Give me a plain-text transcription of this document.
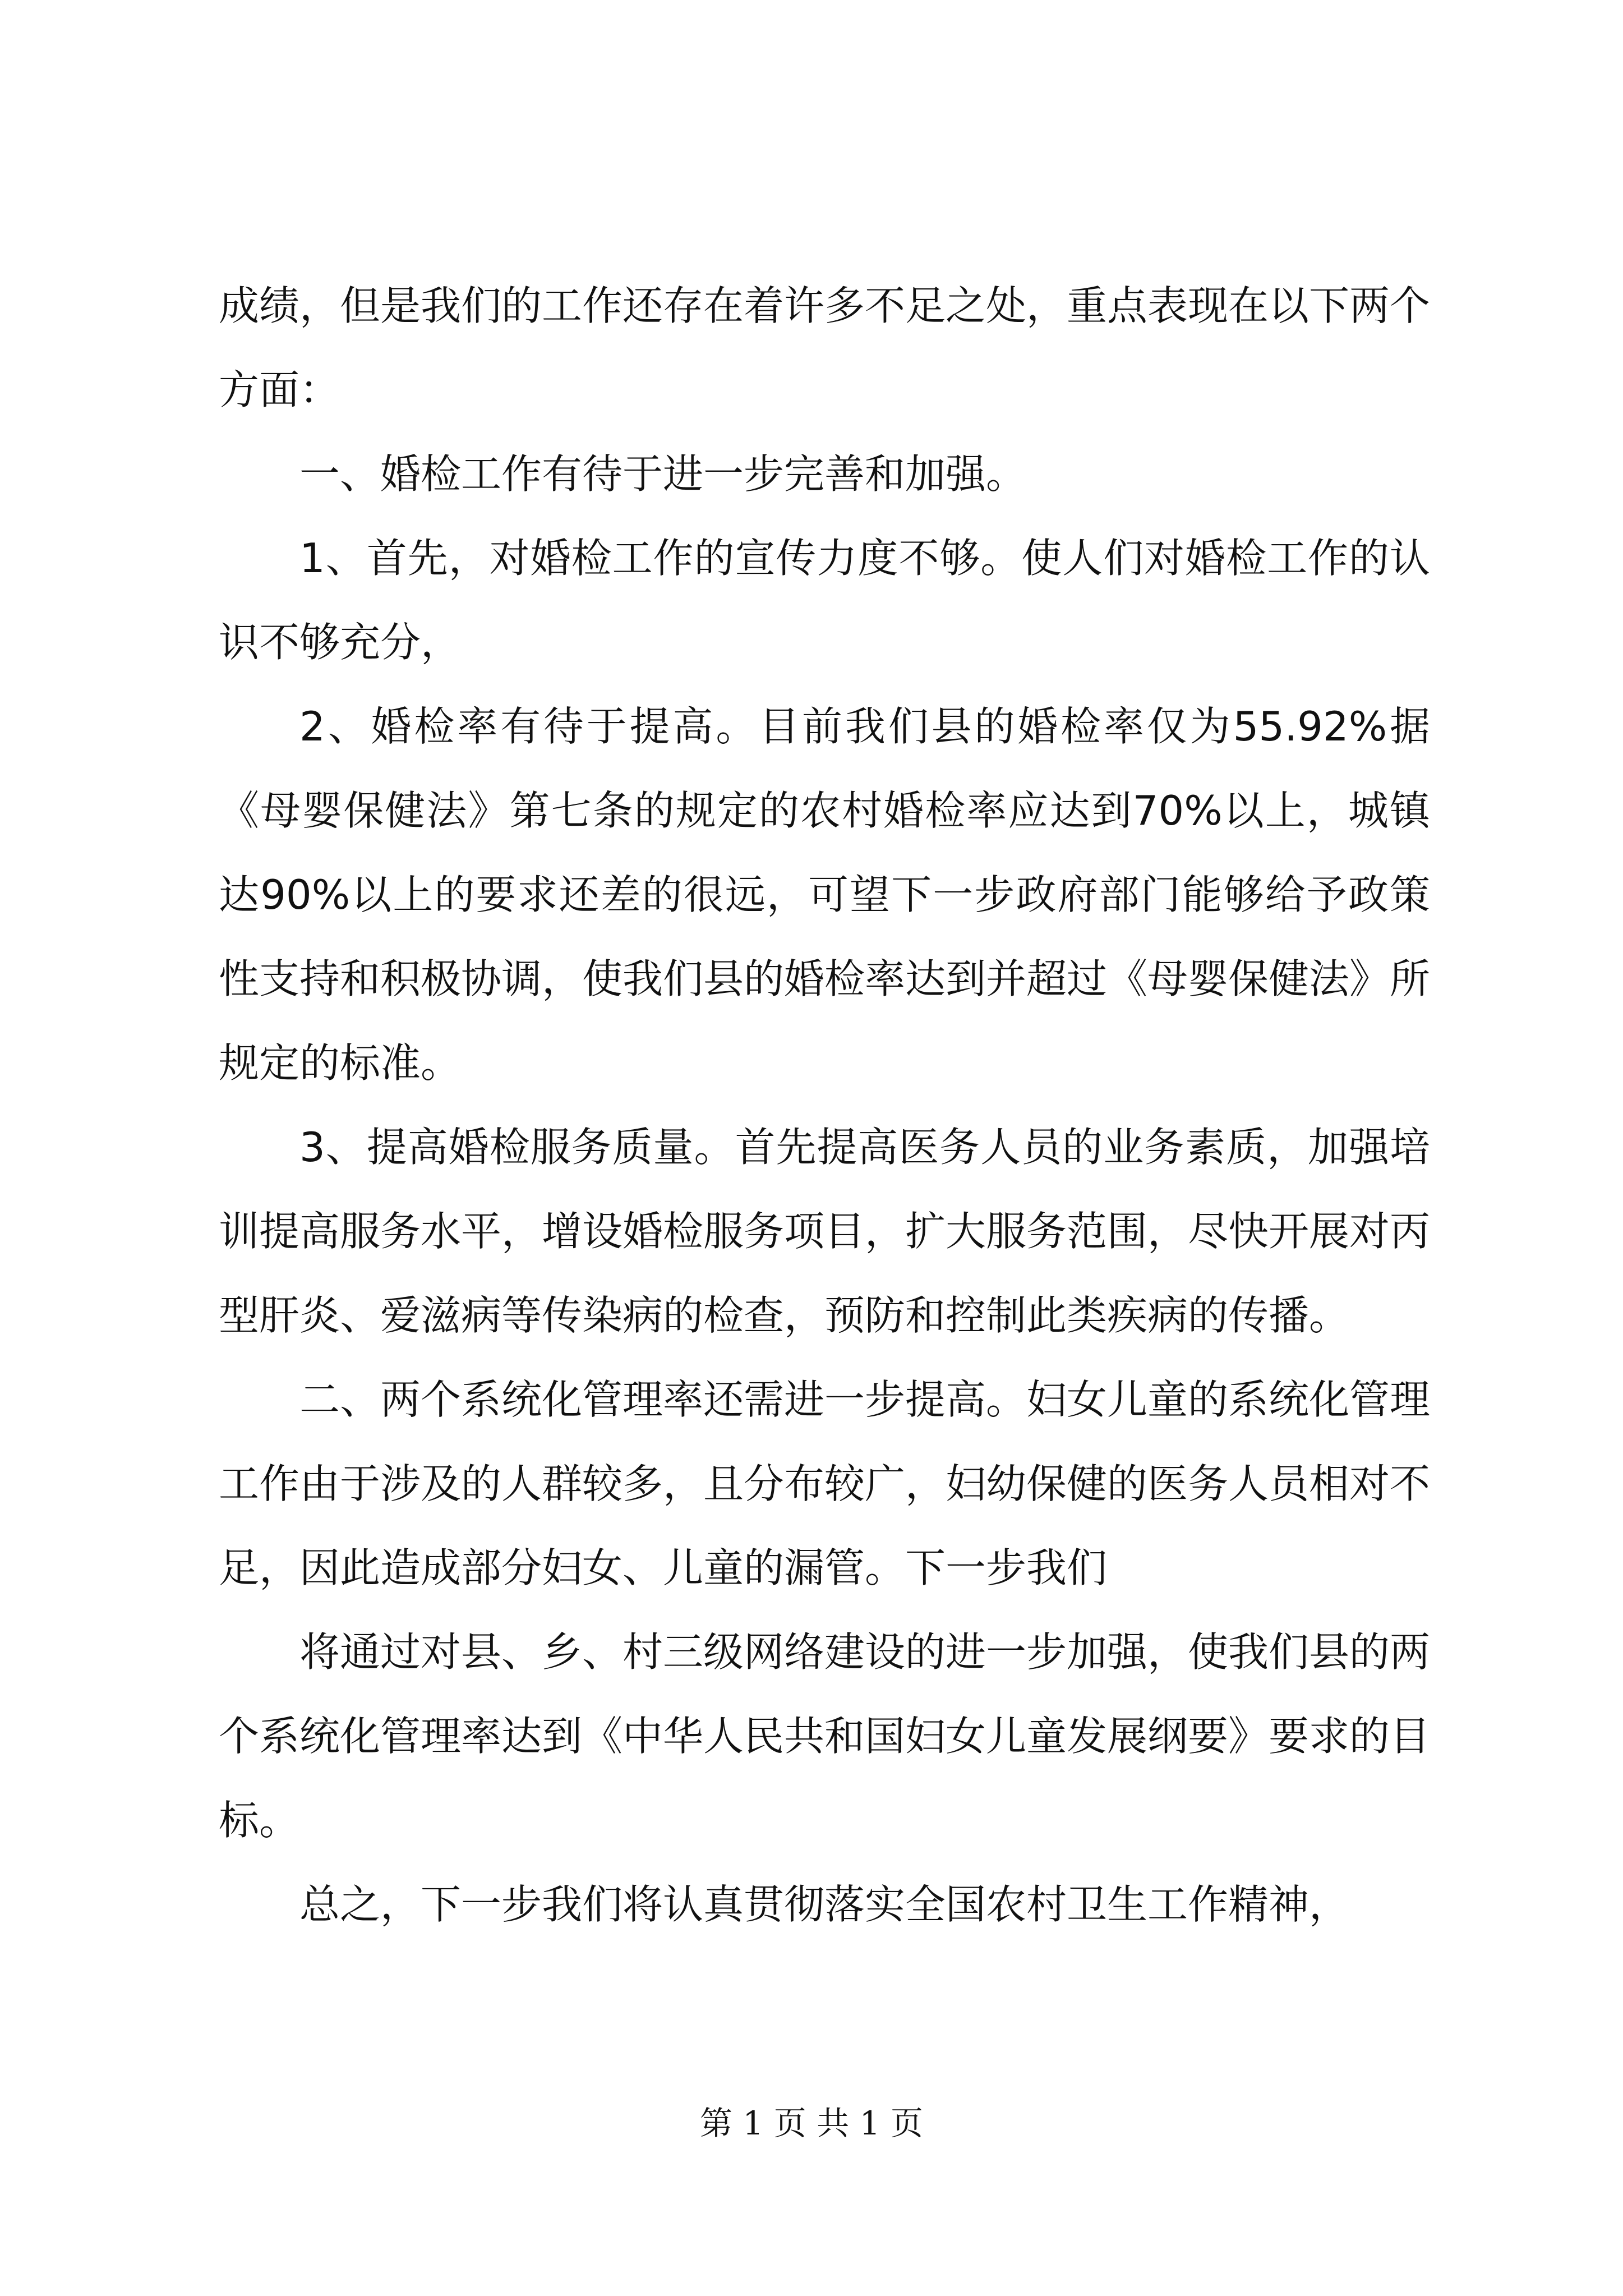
成绩，但是我们的工作还存在着许多不足之处，重点表现在以下两个方面：

一、婚检工作有待于进一步完善和加强。

1、首先，对婚检工作的宣传力度不够。使人们对婚检工作的认识不够充分，

2、婚检率有待于提高。目前我们县的婚检率仅为55.92%据《母婴保健法》第七条的规定的农村婚检率应达到70%以上，城镇达90%以上的要求还差的很远，可望下一步政府部门能够给予政策性支持和积极协调，使我们县的婚检率达到并超过《母婴保健法》所规定的标准。

3、提高婚检服务质量。首先提高医务人员的业务素质，加强培训提高服务水平，增设婚检服务项目，扩大服务范围，尽快开展对丙型肝炎、爱滋病等传染病的检查，预防和控制此类疾病的传播。

二、两个系统化管理率还需进一步提高。妇女儿童的系统化管理工作由于涉及的人群较多，且分布较广，妇幼保健的医务人员相对不足，因此造成部分妇女、儿童的漏管。下一步我们

将通过对县、乡、村三级网络建设的进一步加强，使我们县的两个系统化管理率达到《中华人民共和国妇女儿童发展纲要》要求的目标。

总之，下一步我们将认真贯彻落实全国农村卫生工作精神，

第 1 页 共 1 页
